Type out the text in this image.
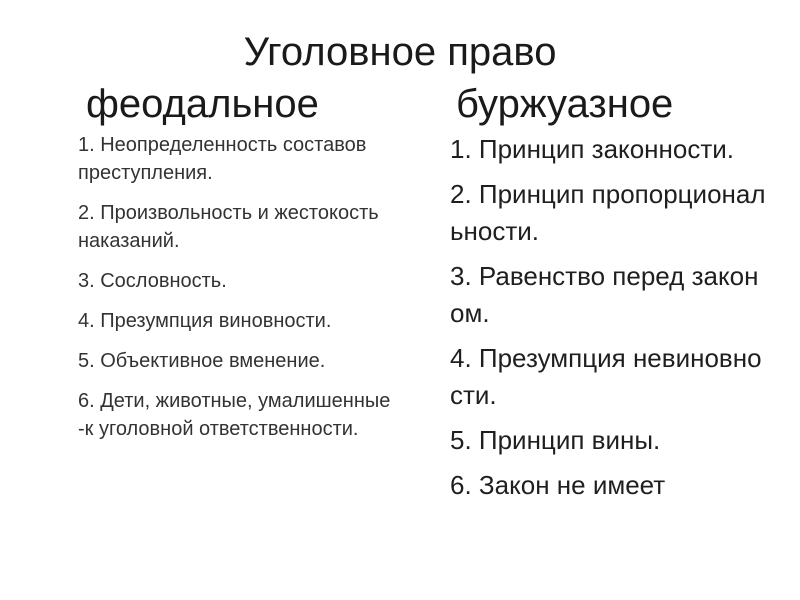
Уголовное право
феодальное	буржуазное
1. Неопределенность составов преступления.
2. Произвольность и жестокость наказаний.
3. Сословность.
4. Презумпция виновности.
5. Объективное вменение.
6. Дети, животные, умалишенные -к уголовной ответственности.
1. Принцип законности.
2. Принцип пропорциональности.
3. Равенство перед законом.
4. Презумпция невиновности.
5. Принцип вины.
6. Закон не имеет
